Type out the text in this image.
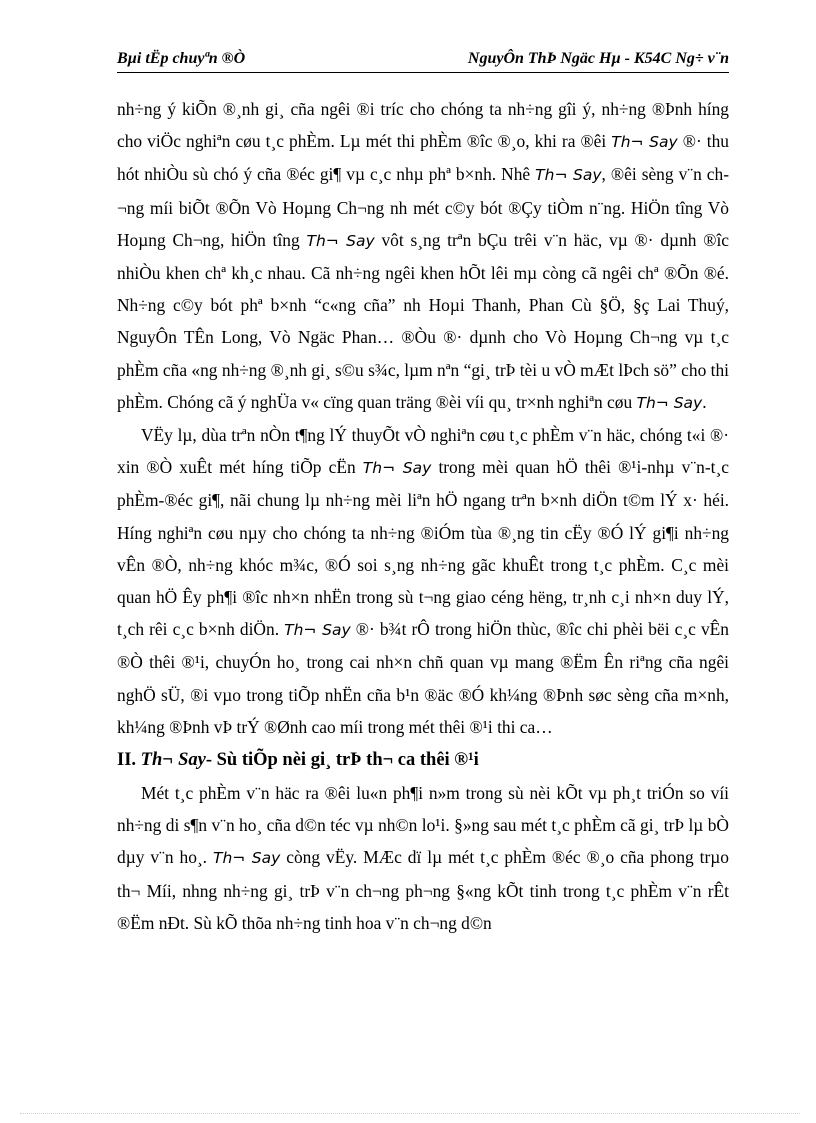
Bµi tËp chuyªn ®Ò	NguyÔn ThÞ Ngäc Hµ - K54C Ng÷ v¨n

nh÷ng ý kiÕn ®¸nh gi¸ cña ngêi ®i tríc cho chóng ta nh÷ng gîi ý, nh÷ng ®Þnh híng cho viÖc nghiªn cøu t¸c phÈm. Lµ mét thi phÈm ®îc ®¸o, khi ra ®êi Th¬ Say ®· thu hót nhiÒu sù chó ý cña ®éc gi¶ vµ c¸c nhµ phª b×nh. Nhê Th¬ Say, ®êi sèng v¨n ch¬ng míi biÕt ®Õn Vò Hoµng Ch¬ng nh mét c©y bót ®Çy tiÒm n¨ng. HiÖn tîng Vò Hoµng Ch¬ng, hiÖn tîng Th¬ Say vôt s¸ng trªn bÇu trêi v¨n häc, vµ ®· dµnh ®îc nhiÒu khen chª kh¸c nhau. Cã nh÷ng ngêi khen hÕt lêi mµ còng cã ngêi chª ®Õn ®é. Nh÷ng c©y bót phª b×nh “c«ng cña” nh Hoµi Thanh, Phan Cù §Ö, §ç Lai Thuý, NguyÔn TÊn Long, Vò Ngäc Phan… ®Òu ®· dµnh cho Vò Hoµng Ch¬ng vµ t¸c phÈm cña «ng nh÷ng ®¸nh gi¸ s©u s¾c, lµm nªn “gi¸ trÞ tèi u vÒ mÆt lÞch sö” cho thi phÈm. Chóng cã ý nghÜa v« cïng quan träng ®èi víi qu¸ tr×nh nghiªn cøu Th¬ Say.

VËy lµ, dùa trªn nÒn t¶ng lÝ thuyÕt vÒ nghiªn cøu t¸c phÈm v¨n häc, chóng t«i ®· xin ®Ò xuÊt mét híng tiÕp cËn Th¬ Say trong mèi quan hÖ thêi ®¹i-nhµ v¨n-t¸c phÈm-®éc gi¶, nãi chung lµ nh÷ng mèi liªn hÖ ngang trªn b×nh diÖn t©m lÝ x· héi. Híng nghiªn cøu nµy cho chóng ta nh÷ng ®iÓm tùa ®¸ng tin cËy ®Ó lÝ gi¶i nh÷ng vÊn ®Ò, nh÷ng khóc m¾c, ®Ó soi s¸ng nh÷ng gãc khuÊt trong t¸c phÈm. C¸c mèi quan hÖ Êy ph¶i ®îc nh×n nhËn trong sù t¬ng giao céng hëng, tr¸nh c¸i nh×n duy lÝ, t¸ch rêi c¸c b×nh diÖn. Th¬ Say ®· b¾t rÔ trong hiÖn thùc, ®îc chi phèi bëi c¸c vÊn ®Ò thêi ®¹i, chuyÓn ho¸ trong cai nh×n chñ quan vµ mang ®Ëm Ên riªng cña ngêi nghÖ sÜ, ®i vµo trong tiÕp nhËn cña b¹n ®äc ®Ó kh¼ng ®Þnh søc sèng cña m×nh, kh¼ng ®Þnh vÞ trÝ ®Ønh cao míi trong mét thêi ®¹i thi ca…

II. Th¬ Say- Sù tiÕp nèi gi¸ trÞ th¬ ca thêi ®¹i

Mét t¸c phÈm v¨n häc ra ®êi lu«n ph¶i n»m trong sù nèi kÕt vµ ph¸t triÓn so víi nh÷ng di s¶n v¨n ho¸ cña d©n téc vµ nh©n lo¹i. §»ng sau mét t¸c phÈm cã gi¸ trÞ lµ bÒ dµy v¨n ho¸. Th¬ Say còng vËy. MÆc dï lµ mét t¸c phÈm ®éc ®¸o cña phong trµo th¬ Míi, nhng nh÷ng gi¸ trÞ v¨n ch¬ng ph¬ng §«ng kÕt tinh trong t¸c phÈm v¨n rÊt ®Ëm nÐt. Sù kÕ thõa nh÷ng tinh hoa v¨n ch¬ng d©n
